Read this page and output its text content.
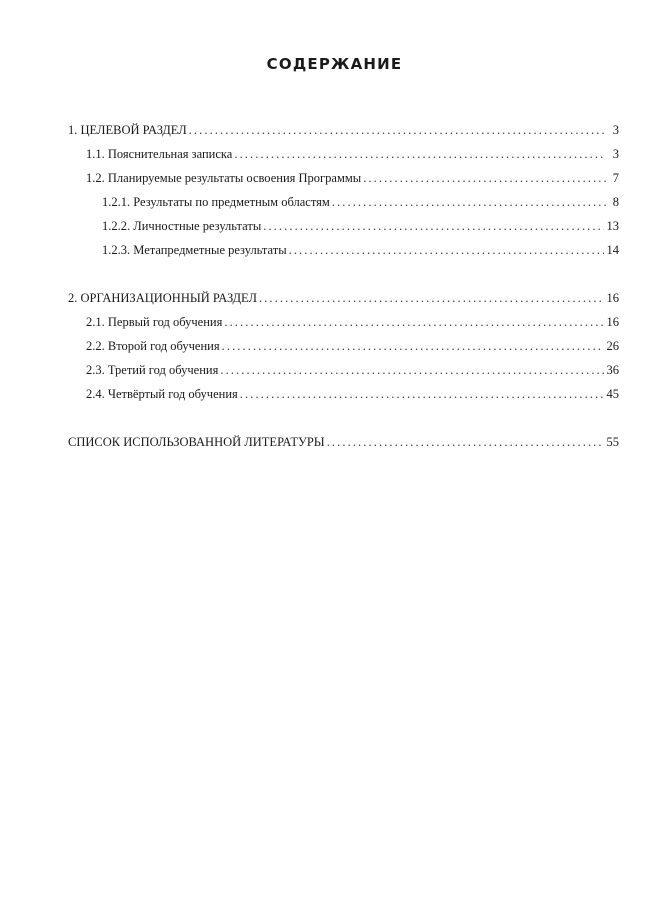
СОДЕРЖАНИЕ
1. ЦЕЛЕВОЙ РАЗДЕЛ .....	3
1.1. Пояснительная записка .....	3
1.2. Планируемые результаты освоения Программы .....	7
1.2.1. Результаты по предметным областям .....	8
1.2.2. Личностные результаты .....	13
1.2.3. Метапредметные результаты .....	14
2. ОРГАНИЗАЦИОННЫЙ РАЗДЕЛ .....	16
2.1. Первый год обучения .....	16
2.2. Второй год обучения .....	26
2.3. Третий год обучения .....	36
2.4. Четвёртый год обучения .....	45
СПИСОК ИСПОЛЬЗОВАННОЙ ЛИТЕРАТУРЫ .....	55
